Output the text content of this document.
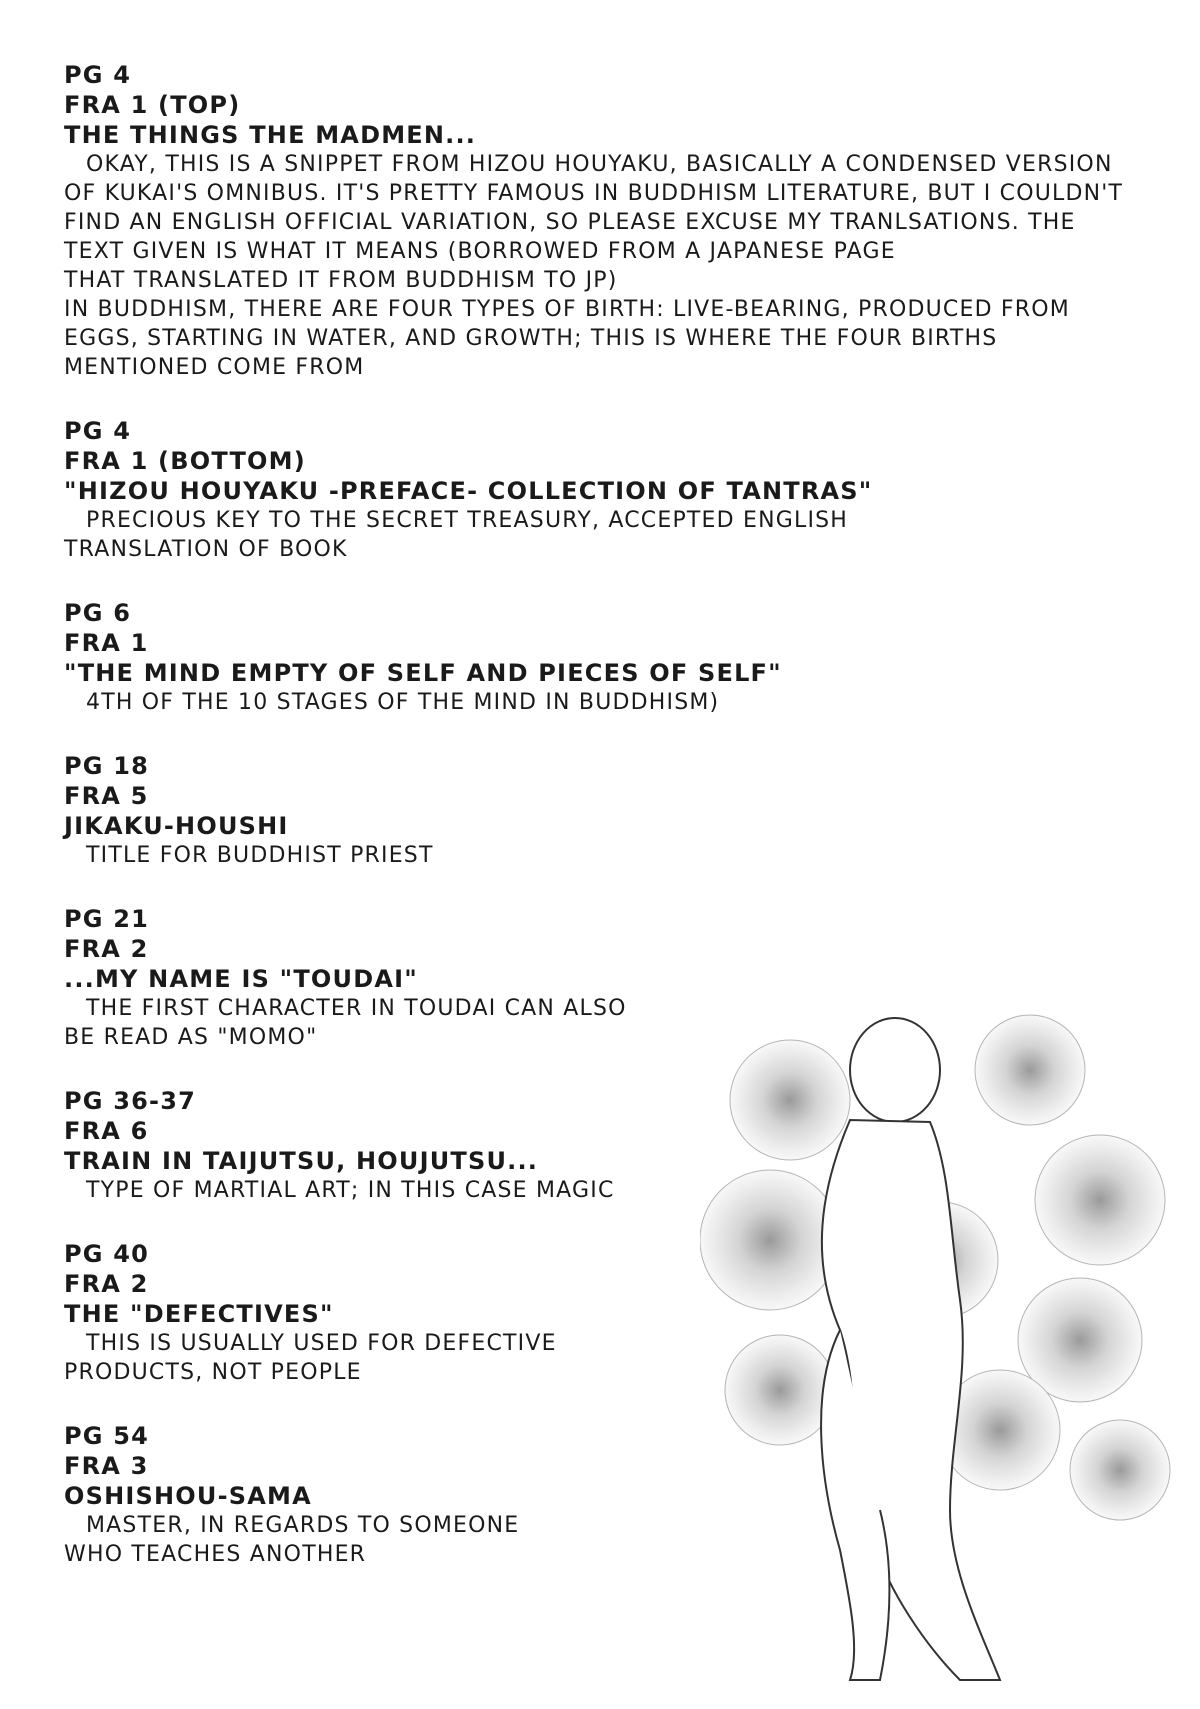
PG 4
FRA 1 (TOP)
THE THINGS THE MADMEN...

OKAY, THIS IS A SNIPPET FROM HIZOU HOUYAKU, BASICALLY A CONDENSED VERSION OF KUKAI'S OMNIBUS. IT'S PRETTY FAMOUS IN BUDDHISM LITERATURE, BUT I COULDN'T FIND AN ENGLISH OFFICIAL VARIATION, SO PLEASE EXCUSE MY TRANLSATIONS. THE TEXT GIVEN IS WHAT IT MEANS (BORROWED FROM A JAPANESE PAGE

THAT TRANSLATED IT FROM BUDDHISM TO JP)

IN BUDDHISM, THERE ARE FOUR TYPES OF BIRTH: LIVE-BEARING, PRODUCED FROM EGGS, STARTING IN WATER, AND GROWTH; THIS IS WHERE THE FOUR BIRTHS MENTIONED COME FROM

PG 4
FRA 1 (BOTTOM)
"HIZOU HOUYAKU -PREFACE- COLLECTION OF TANTRAS"

PRECIOUS KEY TO THE SECRET TREASURY, ACCEPTED ENGLISH TRANSLATION OF BOOK

PG 6
FRA 1
"THE MIND EMPTY OF SELF AND PIECES OF SELF"

4TH OF THE 10 STAGES OF THE MIND IN BUDDHISM)

PG 18
FRA 5
JIKAKU-HOUSHI

TITLE FOR BUDDHIST PRIEST

PG 21
FRA 2
...MY NAME IS "TOUDAI"

THE FIRST CHARACTER IN TOUDAI CAN ALSO BE READ AS "MOMO"

PG 36-37
FRA 6
TRAIN IN TAIJUTSU, HOUJUTSU...

TYPE OF MARTIAL ART; IN THIS CASE MAGIC

PG 40
FRA 2
THE "DEFECTIVES"

THIS IS USUALLY USED FOR DEFECTIVE PRODUCTS, NOT PEOPLE

PG 54
FRA 3
OSHISHOU-SAMA

MASTER, IN REGARDS TO SOMEONE WHO TEACHES ANOTHER
